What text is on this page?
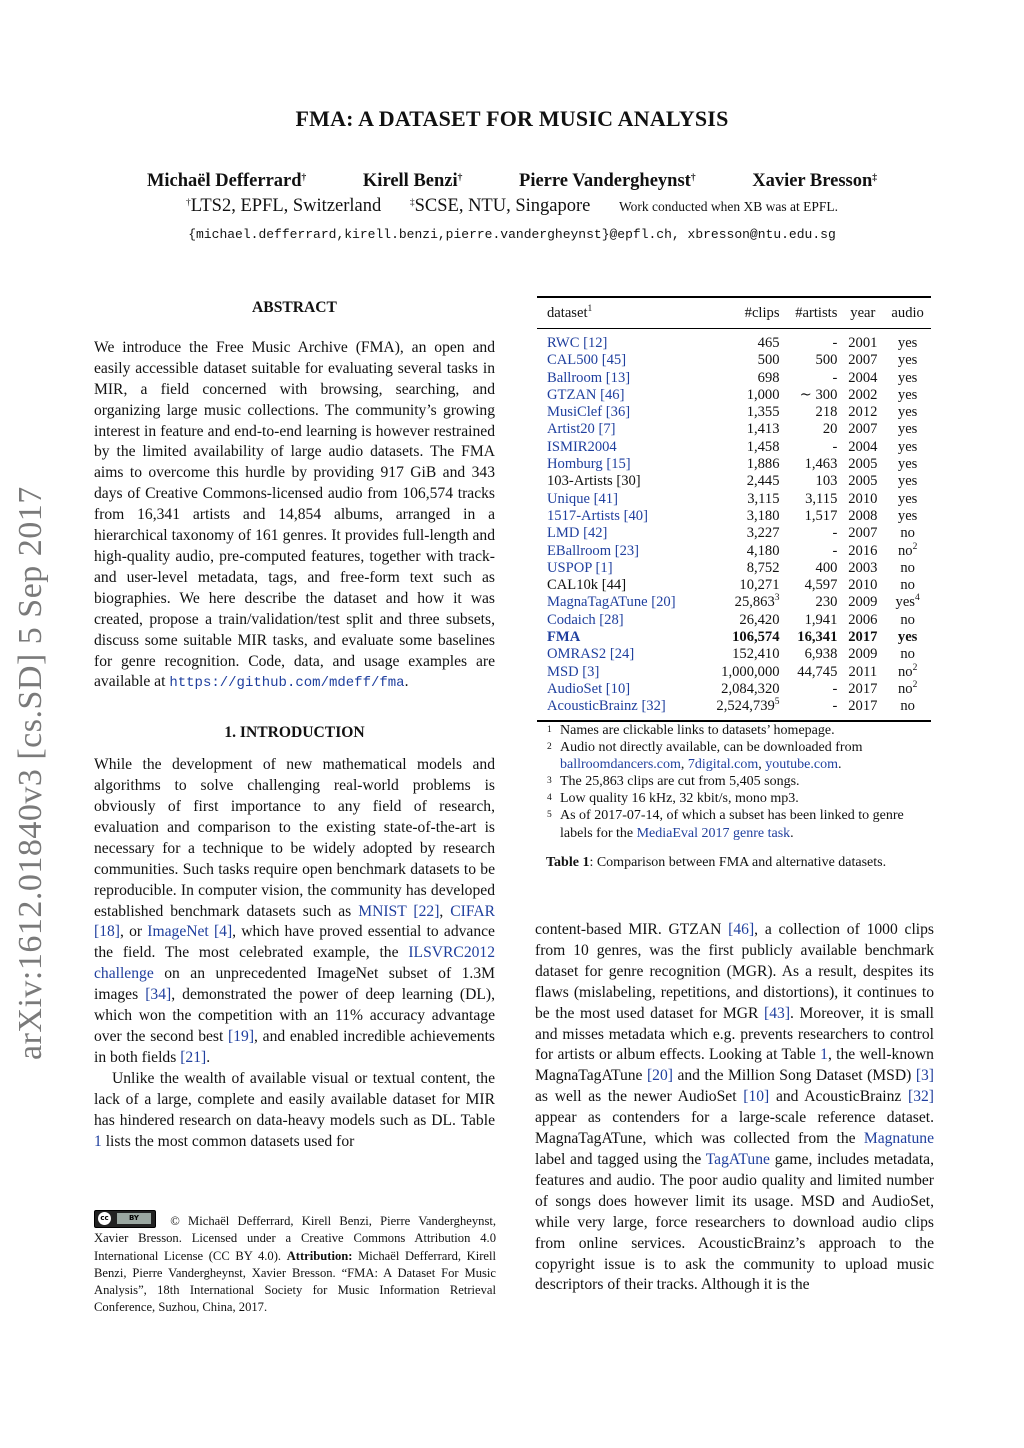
FMA: A DATASET FOR MUSIC ANALYSIS
Michaël Defferrard†	Kirell Benzi†	Pierre Vandergheynst†	Xavier Bresson‡
†LTS2, EPFL, Switzerland	‡SCSE, NTU, Singapore Work conducted when XB was at EPFL.
{michael.defferrard,kirell.benzi,pierre.vandergheynst}@epfl.ch, xbresson@ntu.edu.sg
arXiv:1612.01840v3 [cs.SD] 5 Sep 2017

ABSTRACT

We introduce the Free Music Archive (FMA), an open and easily accessible dataset suitable for evaluating several tasks in MIR, a field concerned with browsing, searching, and organizing large music collections. The community’s growing interest in feature and end-to-end learning is however restrained by the limited availability of large audio datasets. The FMA aims to overcome this hurdle by providing 917 GiB and 343 days of Creative Commons-licensed audio from 106,574 tracks from 16,341 artists and 14,854 albums, arranged in a hierarchical taxonomy of 161 genres. It provides full-length and high-quality audio, pre-computed features, together with track- and user-level metadata, tags, and free-form text such as biographies. We here describe the dataset and how it was created, propose a train/validation/test split and three subsets, discuss some suitable MIR tasks, and evaluate some baselines for genre recognition. Code, data, and usage examples are available at https://github.com/mdeff/fma.

1. INTRODUCTION

While the development of new mathematical models and algorithms to solve challenging real-world problems is obviously of first importance to any field of research, evaluation and comparison to the existing state-of-the-art is necessary for a technique to be widely adopted by research communities. Such tasks require open benchmark datasets to be reproducible. In computer vision, the community has developed established benchmark datasets such as MNIST [22], CIFAR [18], or ImageNet [4], which have proved essential to advance the field. The most celebrated example, the ILSVRC2012 challenge on an unprecedented ImageNet subset of 1.3M images [34], demonstrated the power of deep learning (DL), which won the competition with an 11% accuracy advantage over the second best [19], and enabled incredible achievements in both fields [21].

Unlike the wealth of available visual or textual content, the lack of a large, complete and easily available dataset for MIR has hindered research on data-heavy models such as DL. Table 1 lists the most common datasets used for

cc	BY	© Michaël Defferrard, Kirell Benzi, Pierre Vandergheynst, Xavier Bresson. Licensed under a Creative Commons Attribution 4.0 International License (CC BY 4.0). Attribution: Michaël Defferrard, Kirell Benzi, Pierre Vandergheynst, Xavier Bresson. “FMA: A Dataset For Music Analysis”, 18th International Society for Music Information Retrieval Conference, Suzhou, China, 2017.
dataset$^1$	#clips	#artists	year	audio
RWC [12]	465	-	2001	yes
CAL500 [45]	500	500	2007	yes
Ballroom [13]	698	-	2004	yes
GTZAN [46]	1,000	∼ 300	2002	yes
MusiClef [36]	1,355	218	2012	yes
Artist20 [7]	1,413	20	2007	yes
ISMIR2004	1,458	-	2004	yes
Homburg [15]	1,886	1,463	2005	yes
103-Artists [30]	2,445	103	2005	yes
Unique [41]	3,115	3,115	2010	yes
1517-Artists [40]	3,180	1,517	2008	yes
LMD [42]	3,227	-	2007	no
EBallroom [23]	4,180	-	2016	$no^2$
USPOP [1]	8,752	400	2003	no
CAL10k [44]	10,271	4,597	2010	no
MagnaTagATune [20]	25,863$^3$	230	2009	yes$^4$
Codaich [28]	26,420	1,941	2006	no
FMA	106,574	16,341	2017	yes
OMRAS2 [24]	152,410	6,938	2009	no
MSD [3]	1,000,000	44,745	2011	$no^2$
AudioSet [10]	2,084,320	-	2017	$no^2$
AcousticBrainz [32]	2,524,739$^5$	-	2017	no
1 Names are clickable links to datasets’ homepage.
2 Audio not directly available, can be downloaded from
ballroomdancers.com, 7digital.com, youtube.com.
3 The 25,863 clips are cut from 5,405 songs.
4 Low quality 16 kHz, 32 kbit/s, mono mp3.
5 As of 2017-07-14, of which a subset has been linked to genre labels for the MediaEval 2017 genre task.
Table 1: Comparison between FMA and alternative datasets.

content-based MIR. GTZAN [46], a collection of 1000 clips from 10 genres, was the first publicly available benchmark dataset for genre recognition (MGR). As a result, despites its flaws (mislabeling, repetitions, and distortions), it continues to be the most used dataset for MGR [43]. Moreover, it is small and misses metadata which e.g. prevents researchers to control for artists or album effects. Looking at Table 1, the well-known MagnaTagATune [20] and the Million Song Dataset (MSD) [3] as well as the newer AudioSet [10] and AcousticBrainz [32] appear as contenders for a large-scale reference dataset. MagnaTagATune, which was collected from the Magnatune label and tagged using the TagATune game, includes metadata, features and audio. The poor audio quality and limited number of songs does however limit its usage. MSD and AudioSet, while very large, force researchers to download audio clips from online services. AcousticBrainz’s approach to the copyright issue is to ask the community to upload music descriptors of their tracks. Although it is the
